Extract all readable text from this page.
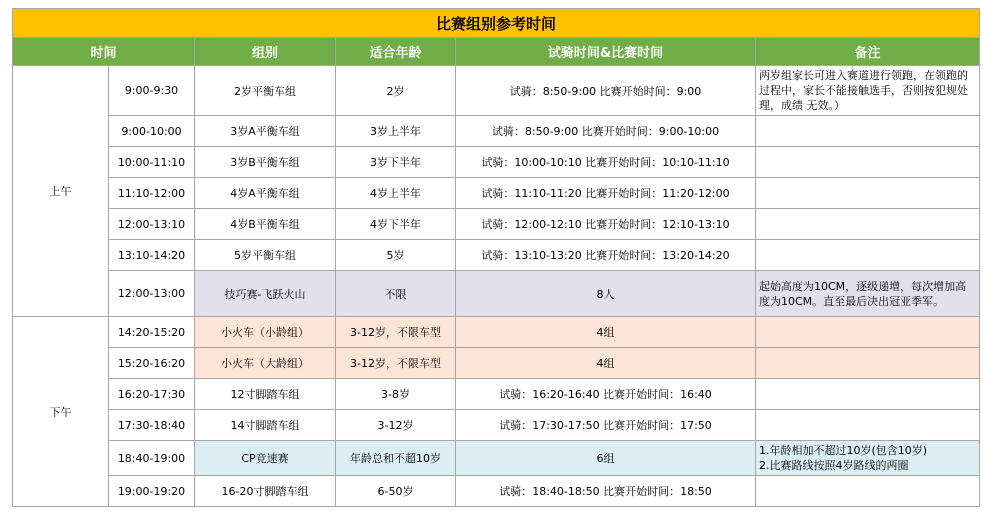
比赛组别参考时间					
时间		组别	适合年龄	试骑时间&比赛时间	备注
上午	9:00-9:30	2岁平衡车组	2岁	试骑：8:50-9:00 比赛开始时间：9:00	两岁组家长可进入赛道进行领跑，在领跑的过程中，家长不能接触选手，否则按犯规处理，成绩 无效。）
	9:00-10:00	3岁A平衡车组	3岁上半年	试骑：8:50-9:00 比赛开始时间：9:00-10:00	
	10:00-11:10	3岁B平衡车组	3岁下半年	试骑：10:00-10:10 比赛开始时间：10:10-11:10	
	11:10-12:00	4岁A平衡车组	4岁上半年	试骑：11:10-11:20 比赛开始时间：11:20-12:00	
	12:00-13:10	4岁B平衡车组	4岁下半年	试骑：12:00-12:10 比赛开始时间：12:10-13:10	
	13:10-14:20	5岁平衡车组	5岁	试骑：13:10-13:20 比赛开始时间：13:20-14:20	
	12:00-13:00	技巧赛-飞跃火山	不限	8人	起始高度为10CM，逐级递增，每次增加高度为10CM。直至最后决出冠亚季军。
下午	14:20-15:20	小火车（小龄组）	3-12岁，不限车型	4组	
	15:20-16:20	小火车（大龄组）	3-12岁，不限车型	4组	
	16:20-17:30	12寸脚踏车组	3-8岁	试骑：16:20-16:40 比赛开始时间：16:40	
	17:30-18:40	14寸脚踏车组	3-12岁	试骑：17:30-17:50 比赛开始时间：17:50	
	18:40-19:00	CP竞速赛	年龄总和不超10岁	6组	1.年龄相加不超过10岁(包含10岁)
2.比赛路线按照4岁路线的两圈
	19:00-19:20	16-20寸脚踏车组	6-50岁	试骑：18:40-18:50 比赛开始时间：18:50	
